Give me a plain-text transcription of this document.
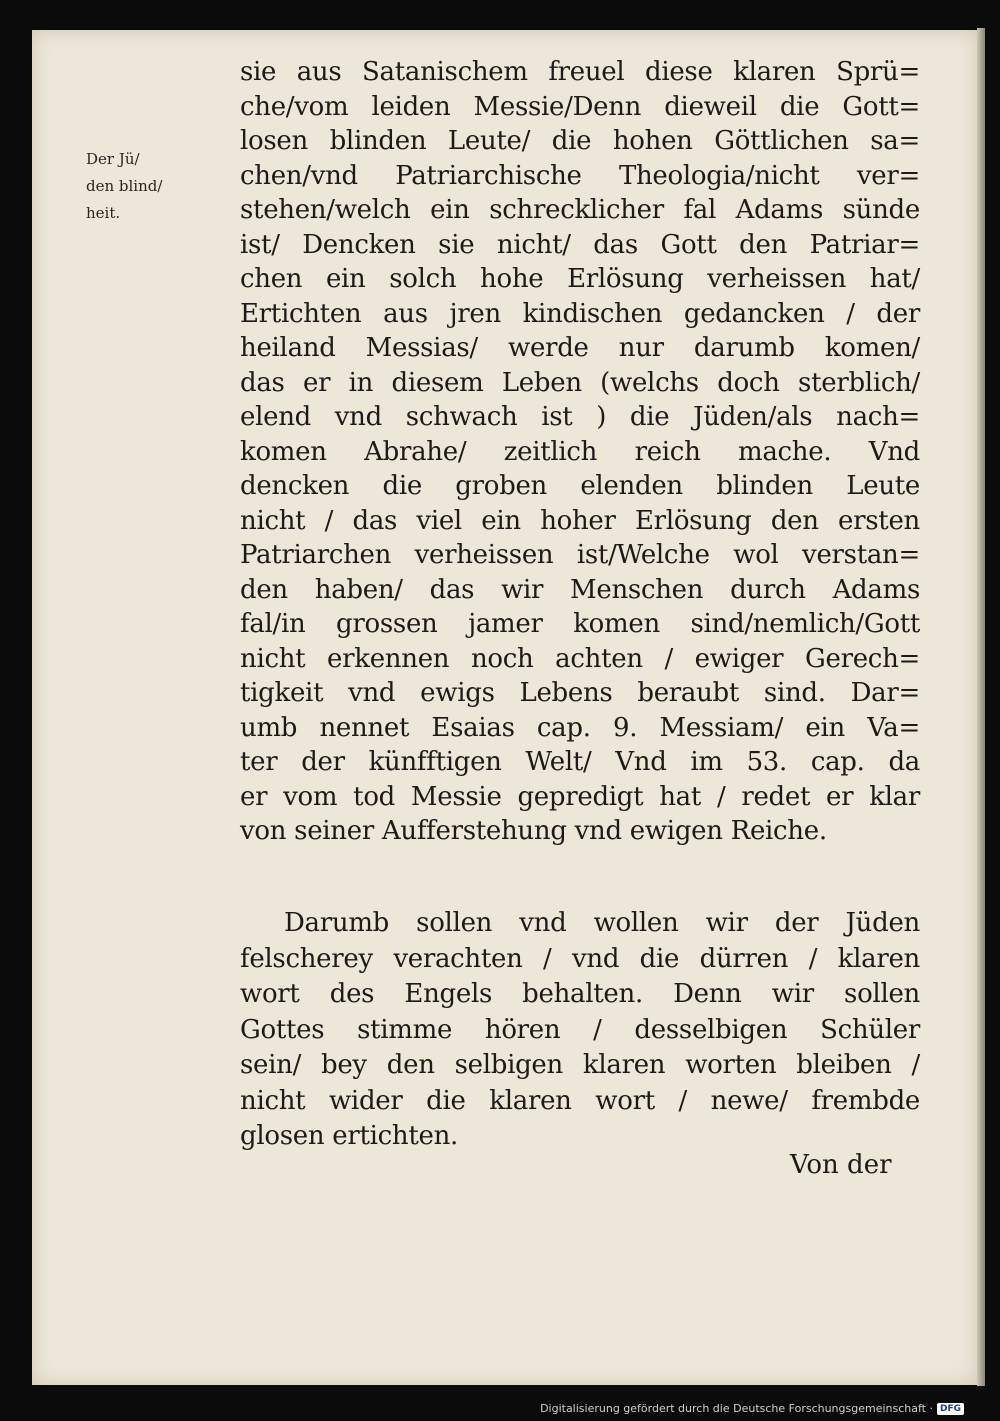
Der Jü/
den blind/
heit.
sie aus Satanischem freuel diese klaren Sprü=
che/vom leiden Messie/Denn dieweil die Gott=
losen blinden Leute/ die hohen Göttlichen sa=
chen/vnd Patriarchische Theologia/nicht ver=
stehen/welch ein schrecklicher fal Adams sünde
ist/ Dencken sie nicht/ das Gott den Patriar=
chen ein solch hohe Erlösung verheissen hat/
Ertichten aus jren kindischen gedancken / der
heiland Messias/ werde nur darumb komen/
das er in diesem Leben (welchs doch sterblich/
elend vnd schwach ist ) die Jüden/als nach=
komen Abrahe/ zeitlich reich mache. Vnd
dencken die groben elenden blinden Leute
nicht / das viel ein hoher Erlösung den ersten
Patriarchen verheissen ist/Welche wol verstan=
den haben/ das wir Menschen durch Adams
fal/in grossen jamer komen sind/nemlich/Gott
nicht erkennen noch achten / ewiger Gerech=
tigkeit vnd ewigs Lebens beraubt sind. Dar=
umb nennet Esaias cap. 9. Messiam/ ein Va=
ter der künfftigen Welt/ Vnd im 53. cap. da
er vom tod Messie gepredigt hat / redet er klar
von seiner Aufferstehung vnd ewigen Reiche.
Darumb sollen vnd wollen wir der Jüden
felscherey verachten / vnd die dürren / klaren
wort des Engels behalten. Denn wir sollen
Gottes stimme hören / desselbigen Schüler
sein/ bey den selbigen klaren worten bleiben /
nicht wider die klaren wort / newe/ frembde
glosen ertichten.
Von der
Digitalisierung gefördert durch die Deutsche Forschungsgemeinschaft · DFG
